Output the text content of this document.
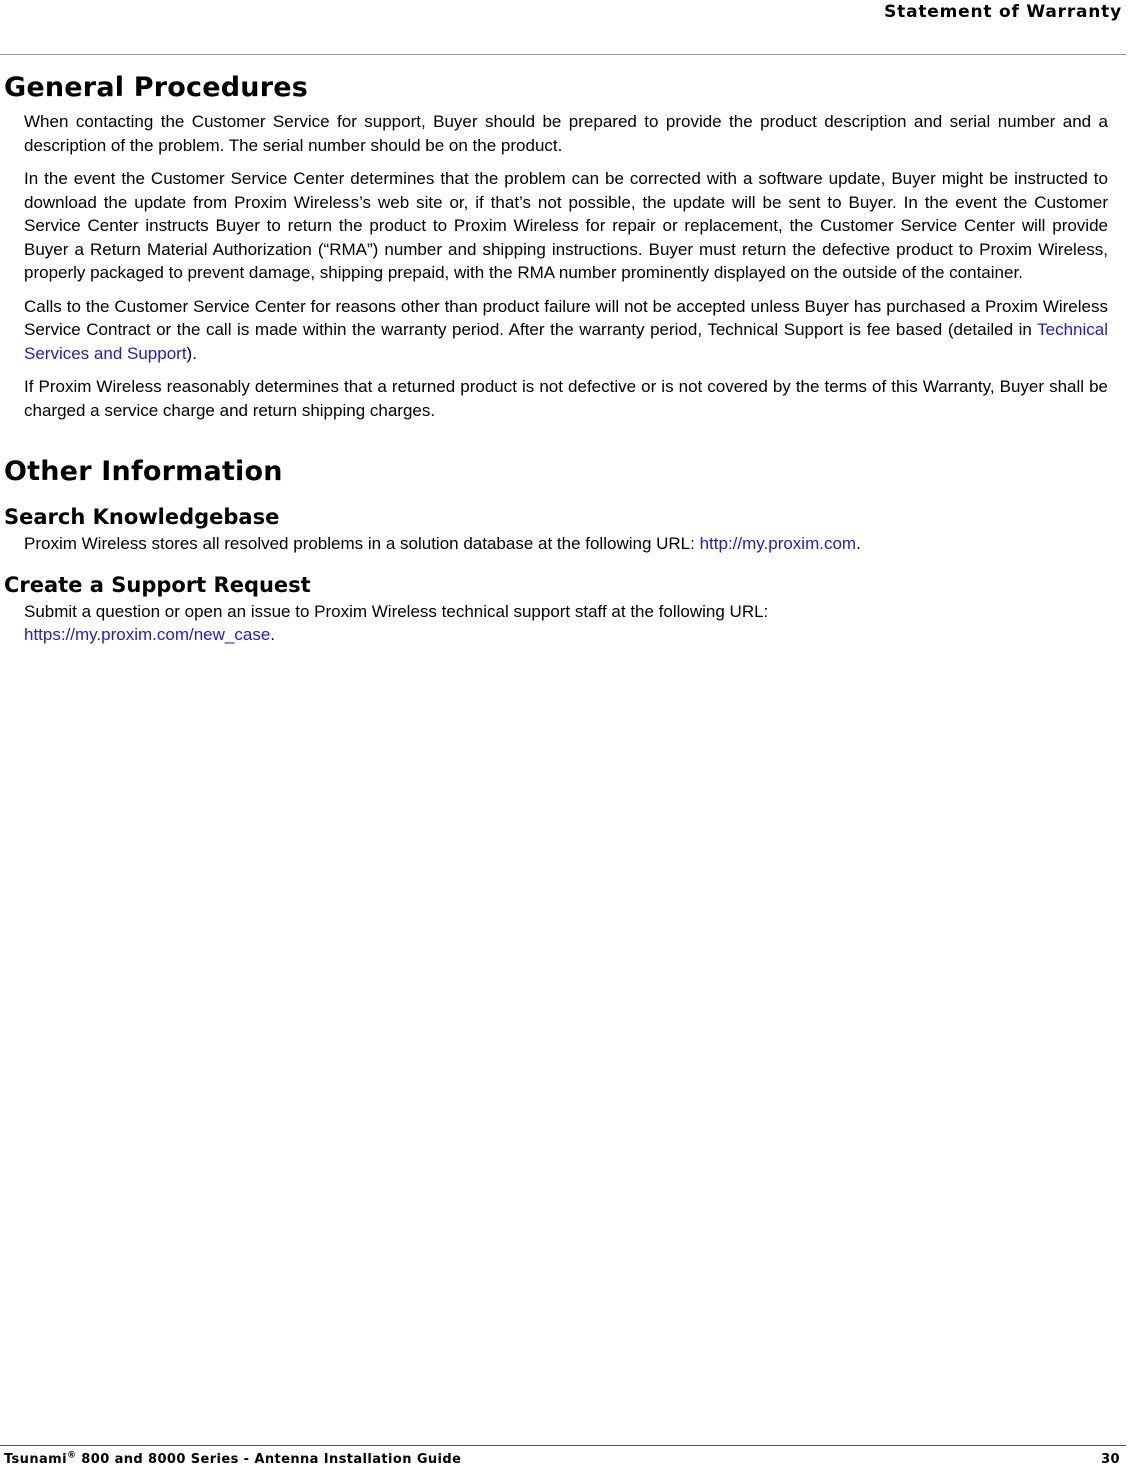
Statement of Warranty
General Procedures

When contacting the Customer Service for support, Buyer should be prepared to provide the product description and serial number and a description of the problem. The serial number should be on the product.

In the event the Customer Service Center determines that the problem can be corrected with a software update, Buyer might be instructed to download the update from Proxim Wireless’s web site or, if that’s not possible, the update will be sent to Buyer. In the event the Customer Service Center instructs Buyer to return the product to Proxim Wireless for repair or replacement, the Customer Service Center will provide Buyer a Return Material Authorization (“RMA”) number and shipping instructions. Buyer must return the defective product to Proxim Wireless, properly packaged to prevent damage, shipping prepaid, with the RMA number prominently displayed on the outside of the container.

Calls to the Customer Service Center for reasons other than product failure will not be accepted unless Buyer has purchased a Proxim Wireless Service Contract or the call is made within the warranty period. After the warranty period, Technical Support is fee based (detailed in Technical Services and Support).

If Proxim Wireless reasonably determines that a returned product is not defective or is not covered by the terms of this Warranty, Buyer shall be charged a service charge and return shipping charges.

Other Information
Search Knowledgebase

Proxim Wireless stores all resolved problems in a solution database at the following URL: http://my.proxim.com.

Create a Support Request

Submit a question or open an issue to Proxim Wireless technical support staff at the following URL:
https://my.proxim.com/new_case.

Tsunami® 800 and 8000 Series - Antenna Installation Guide	30
